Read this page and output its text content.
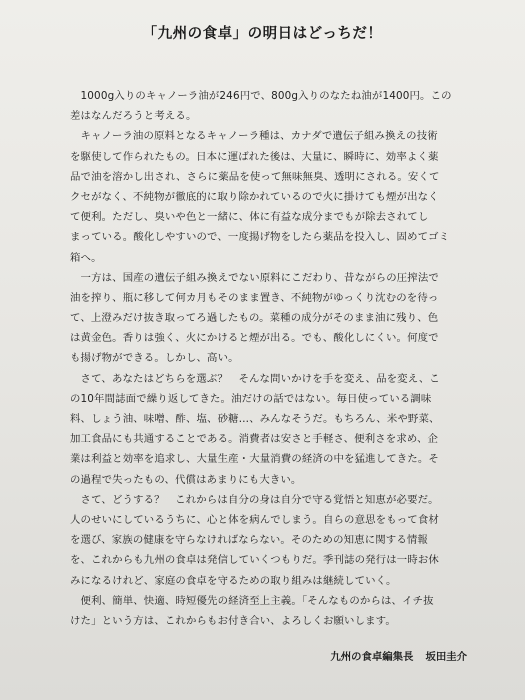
「九州の食卓」の明日はどっちだ！
　1000g入りのキャノーラ油が246円で、800g入りのなたね油が1400円。この
差はなんだろうと考える。
　キャノーラ油の原料となるキャノーラ種は、カナダで遺伝子組み換えの技術
を駆使して作られたもの。日本に運ばれた後は、大量に、瞬時に、効率よく薬
品で油を溶かし出され、さらに薬品を使って無味無臭、透明にされる。安くて
クセがなく、不純物が徹底的に取り除かれているので火に掛けても煙が出なく
て便利。ただし、臭いや色と一緒に、体に有益な成分までもが除去されてし
まっている。酸化しやすいので、一度揚げ物をしたら薬品を投入し、固めてゴミ
箱へ。
　一方は、国産の遺伝子組み換えでない原料にこだわり、昔ながらの圧搾法で
油を搾り、瓶に移して何カ月もそのまま置き、不純物がゆっくり沈むのを待っ
て、上澄みだけ抜き取ってろ過したもの。菜種の成分がそのまま油に残り、色
は黄金色。香りは強く、火にかけると煙が出る。でも、酸化しにくい。何度で
も揚げ物ができる。しかし、高い。
　さて、あなたはどちらを選ぶ？　そんな問いかけを手を変え、品を変え、こ
の10年間誌面で繰り返してきた。油だけの話ではない。毎日使っている調味
料、しょう油、味噌、酢、塩、砂糖…、みんなそうだ。もちろん、米や野菜、
加工食品にも共通することである。消費者は安さと手軽さ、便利さを求め、企
業は利益と効率を追求し、大量生産・大量消費の経済の中を猛進してきた。そ
の過程で失ったもの、代償はあまりにも大きい。
　さて、どうする？　これからは自分の身は自分で守る覚悟と知恵が必要だ。
人のせいにしているうちに、心と体を病んでしまう。自らの意思をもって食材
を選び、家族の健康を守らなければならない。そのための知恵に関する情報
を、これからも九州の食卓は発信していくつもりだ。季刊誌の発行は一時お休
みになるけれど、家庭の食卓を守るための取り組みは継続していく。
　便利、簡単、快適、時短優先の経済至上主義。「そんなものからは、イチ抜
けた」という方は、これからもお付き合い、よろしくお願いします。
九州の食卓編集長 坂田圭介
